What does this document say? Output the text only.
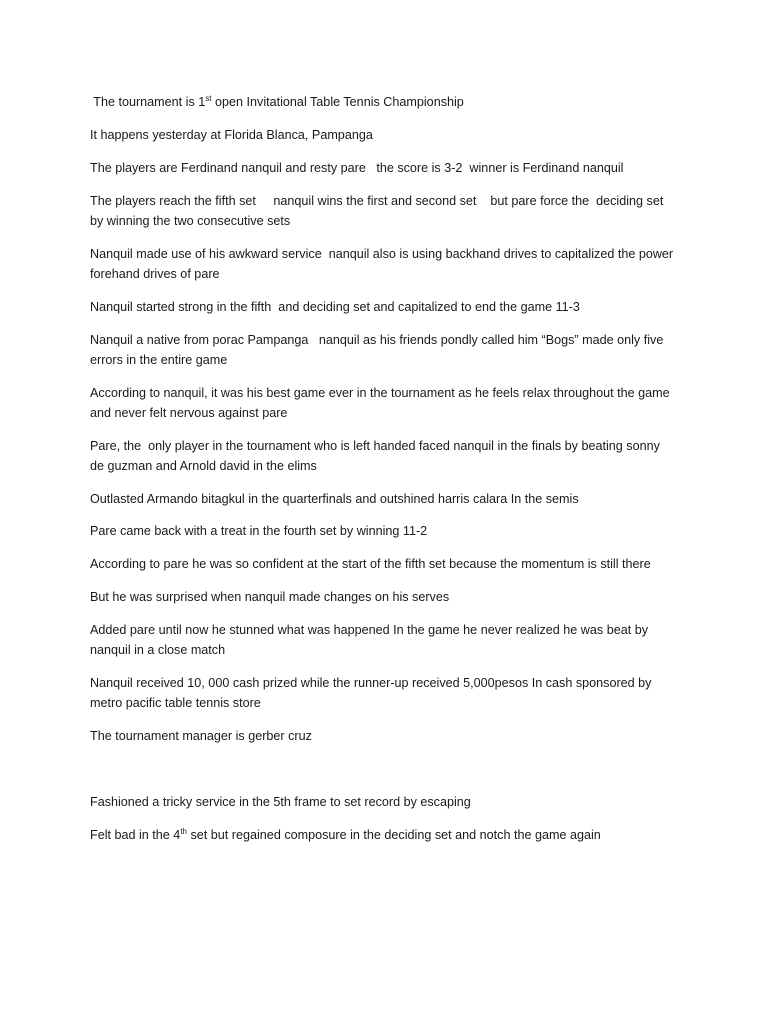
The tournament is 1st open Invitational Table Tennis Championship

It happens yesterday at Florida Blanca, Pampanga

The players are Ferdinand nanquil and resty pare   the score is 3-2  winner is Ferdinand nanquil

The players reach the fifth set     nanquil wins the first and second set    but pare force the  deciding set
by winning the two consecutive sets

Nanquil made use of his awkward service  nanquil also is using backhand drives to capitalized the power
forehand drives of pare

Nanquil started strong in the fifth  and deciding set and capitalized to end the game 11-3

Nanquil a native from porac Pampanga   nanquil as his friends pondly called him “Bogs” made only five
errors in the entire game

According to nanquil, it was his best game ever in the tournament as he feels relax throughout the game
and never felt nervous against pare

Pare, the  only player in the tournament who is left handed faced nanquil in the finals by beating sonny
de guzman and Arnold david in the elims

Outlasted Armando bitagkul in the quarterfinals and outshined harris calara In the semis

Pare came back with a treat in the fourth set by winning 11-2

According to pare he was so confident at the start of the fifth set because the momentum is still there

But he was surprised when nanquil made changes on his serves

Added pare until now he stunned what was happened In the game he never realized he was beat by
nanquil in a close match

Nanquil received 10, 000 cash prized while the runner-up received 5,000pesos In cash sponsored by
metro pacific table tennis store

The tournament manager is gerber cruz

Fashioned a tricky service in the 5th frame to set record by escaping

Felt bad in the 4th set but regained composure in the deciding set and notch the game again
